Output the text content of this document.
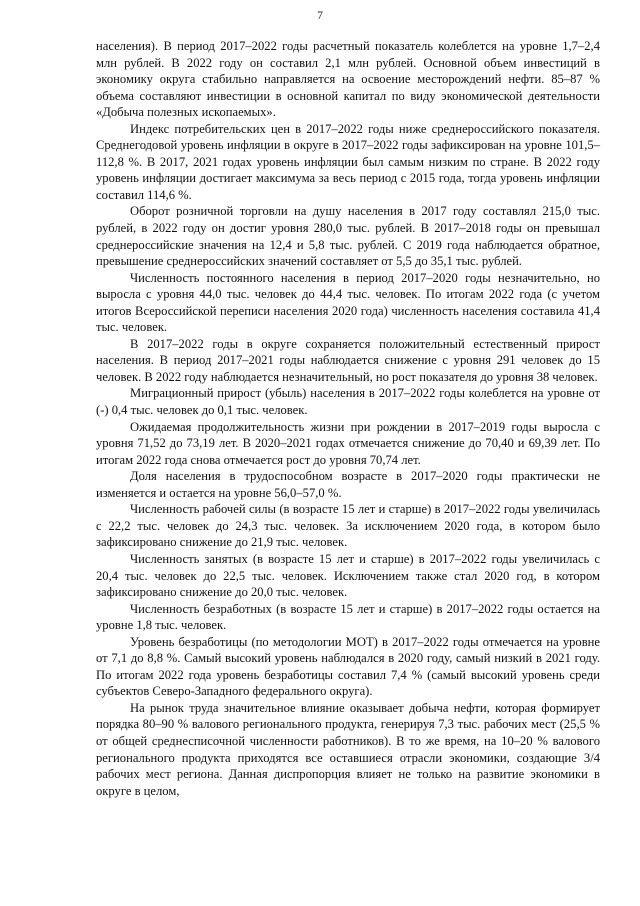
7

населения). В период 2017–2022 годы расчетный показатель колеблется на уровне 1,7–2,4 млн рублей. В 2022 году он составил 2,1 млн рублей. Основной объем инвестиций в экономику округа стабильно направляется на освоение месторождений нефти. 85–87 % объема составляют инвестиции в основной капитал по виду экономической деятельности «Добыча полезных ископаемых».

Индекс потребительских цен в 2017–2022 годы ниже среднероссийского показателя. Среднегодовой уровень инфляции в округе в 2017–2022 годы зафиксирован на уровне 101,5–112,8 %. В 2017, 2021 годах уровень инфляции был самым низким по стране. В 2022 году уровень инфляции достигает максимума за весь период с 2015 года, тогда уровень инфляции составил 114,6 %.

Оборот розничной торговли на душу населения в 2017 году составлял 215,0 тыс. рублей, в 2022 году он достиг уровня 280,0 тыс. рублей. В 2017–2018 годы он превышал среднероссийские значения на 12,4 и 5,8 тыс. рублей. С 2019 года наблюдается обратное, превышение среднероссийских значений составляет от 5,5 до 35,1 тыс. рублей.

Численность постоянного населения в период 2017–2020 годы незначительно, но выросла с уровня 44,0 тыс. человек до 44,4 тыс. человек. По итогам 2022 года (с учетом итогов Всероссийской переписи населения 2020 года) численность населения составила 41,4 тыс. человек.

В 2017–2022 годы в округе сохраняется положительный естественный прирост населения. В период 2017–2021 годы наблюдается снижение с уровня 291 человек до 15 человек. В 2022 году наблюдается незначительный, но рост показателя до уровня 38 человек.

Миграционный прирост (убыль) населения в 2017–2022 годы колеблется на уровне от (-) 0,4 тыс. человек до 0,1 тыс. человек.

Ожидаемая продолжительность жизни при рождении в 2017–2019 годы выросла с уровня 71,52 до 73,19 лет. В 2020–2021 годах отмечается снижение до 70,40 и 69,39 лет. По итогам 2022 года снова отмечается рост до уровня 70,74 лет.

Доля населения в трудоспособном возрасте в 2017–2020 годы практически не изменяется и остается на уровне 56,0–57,0 %.

Численность рабочей силы (в возрасте 15 лет и старше) в 2017–2022 годы увеличилась с 22,2 тыс. человек до 24,3 тыс. человек. За исключением 2020 года, в котором было зафиксировано снижение до 21,9 тыс. человек.

Численность занятых (в возрасте 15 лет и старше) в 2017–2022 годы увеличилась с 20,4 тыс. человек до 22,5 тыс. человек. Исключением также стал 2020 год, в котором зафиксировано снижение до 20,0 тыс. человек.

Численность безработных (в возрасте 15 лет и старше) в 2017–2022 годы остается на уровне 1,8 тыс. человек.

Уровень безработицы (по методологии МОТ) в 2017–2022 годы отмечается на уровне от 7,1 до 8,8 %. Самый высокий уровень наблюдался в 2020 году, самый низкий в 2021 году. По итогам 2022 года уровень безработицы составил 7,4 % (самый высокий уровень среди субъектов Северо-Западного федерального округа).

На рынок труда значительное влияние оказывает добыча нефти, которая формирует порядка 80–90 % валового регионального продукта, генерируя 7,3 тыс. рабочих мест (25,5 % от общей среднесписочной численности работников). В то же время, на 10–20 % валового регионального продукта приходятся все оставшиеся отрасли экономики, создающие 3/4 рабочих мест региона. Данная диспропорция влияет не только на развитие экономики в округе в целом,
